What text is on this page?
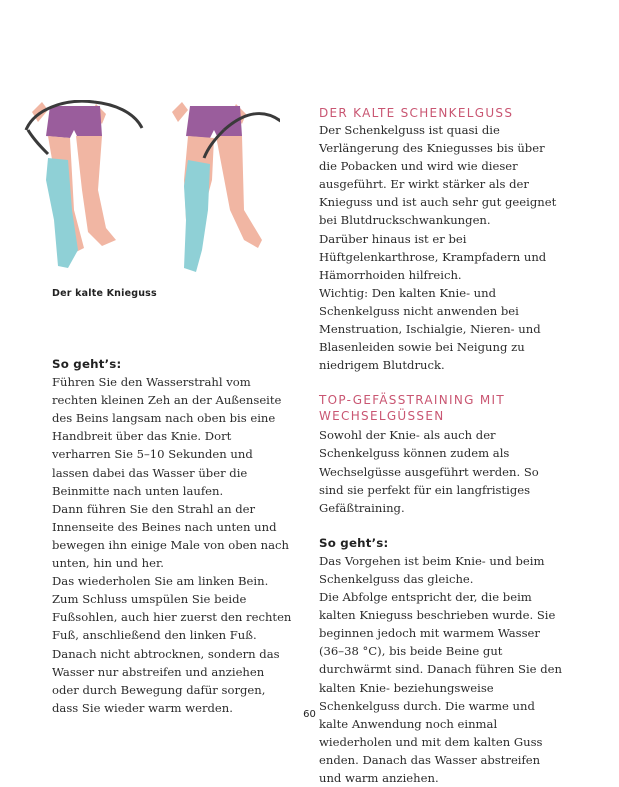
Der kalte Knieguss

So geht’s:

Führen Sie den Wasserstrahl vom rechten kleinen Zeh an der Außenseite des Beins langsam nach oben bis eine Handbreit über das Knie. Dort verharren Sie 5–10 Sekunden und lassen dabei das Wasser über die Beinmitte nach unten laufen.

Dann führen Sie den Strahl an der Innenseite des Beines nach unten und bewegen ihn einige Male von oben nach unten, hin und her.

Das wiederholen Sie am linken Bein.

Zum Schluss umspülen Sie beide Fußsohlen, auch hier zuerst den rechten Fuß, anschließend den linken Fuß.

Danach nicht abtrocknen, sondern das Wasser nur abstreifen und anziehen oder durch Bewegung dafür sorgen, dass Sie wieder warm werden.

DER KALTE SCHENKELGUSS

Der Schenkelguss ist quasi die Verlängerung des Kniegusses bis über die Pobacken und wird wie dieser ausgeführt. Er wirkt stärker als der Knieguss und ist auch sehr gut geeignet bei Blutdruckschwankungen.

Darüber hinaus ist er bei Hüftgelenkarthrose, Krampfadern und Hämorrhoiden hilfreich.

Wichtig: Den kalten Knie- und Schenkelguss nicht anwenden bei Menstruation, Ischialgie, Nieren- und Blasenleiden sowie bei Neigung zu niedrigem Blutdruck.

TOP-GEFÄSSTRAINING MIT
WECHSELGÜSSEN

Sowohl der Knie- als auch der Schenkelguss können zudem als Wechselgüsse ausgeführt werden. So sind sie perfekt für ein langfristiges Gefäßtraining.

So geht’s:

Das Vorgehen ist beim Knie- und beim Schenkelguss das gleiche.

Die Abfolge entspricht der, die beim kalten Knieguss beschrieben wurde. Sie beginnen jedoch mit warmem Wasser (36–38 °C), bis beide Beine gut durchwärmt sind. Danach führen Sie den kalten Knie- beziehungsweise Schenkelguss durch. Die warme und kalte Anwendung noch einmal wiederholen und mit dem kalten Guss enden. Danach das Wasser abstreifen und warm anziehen.

60
